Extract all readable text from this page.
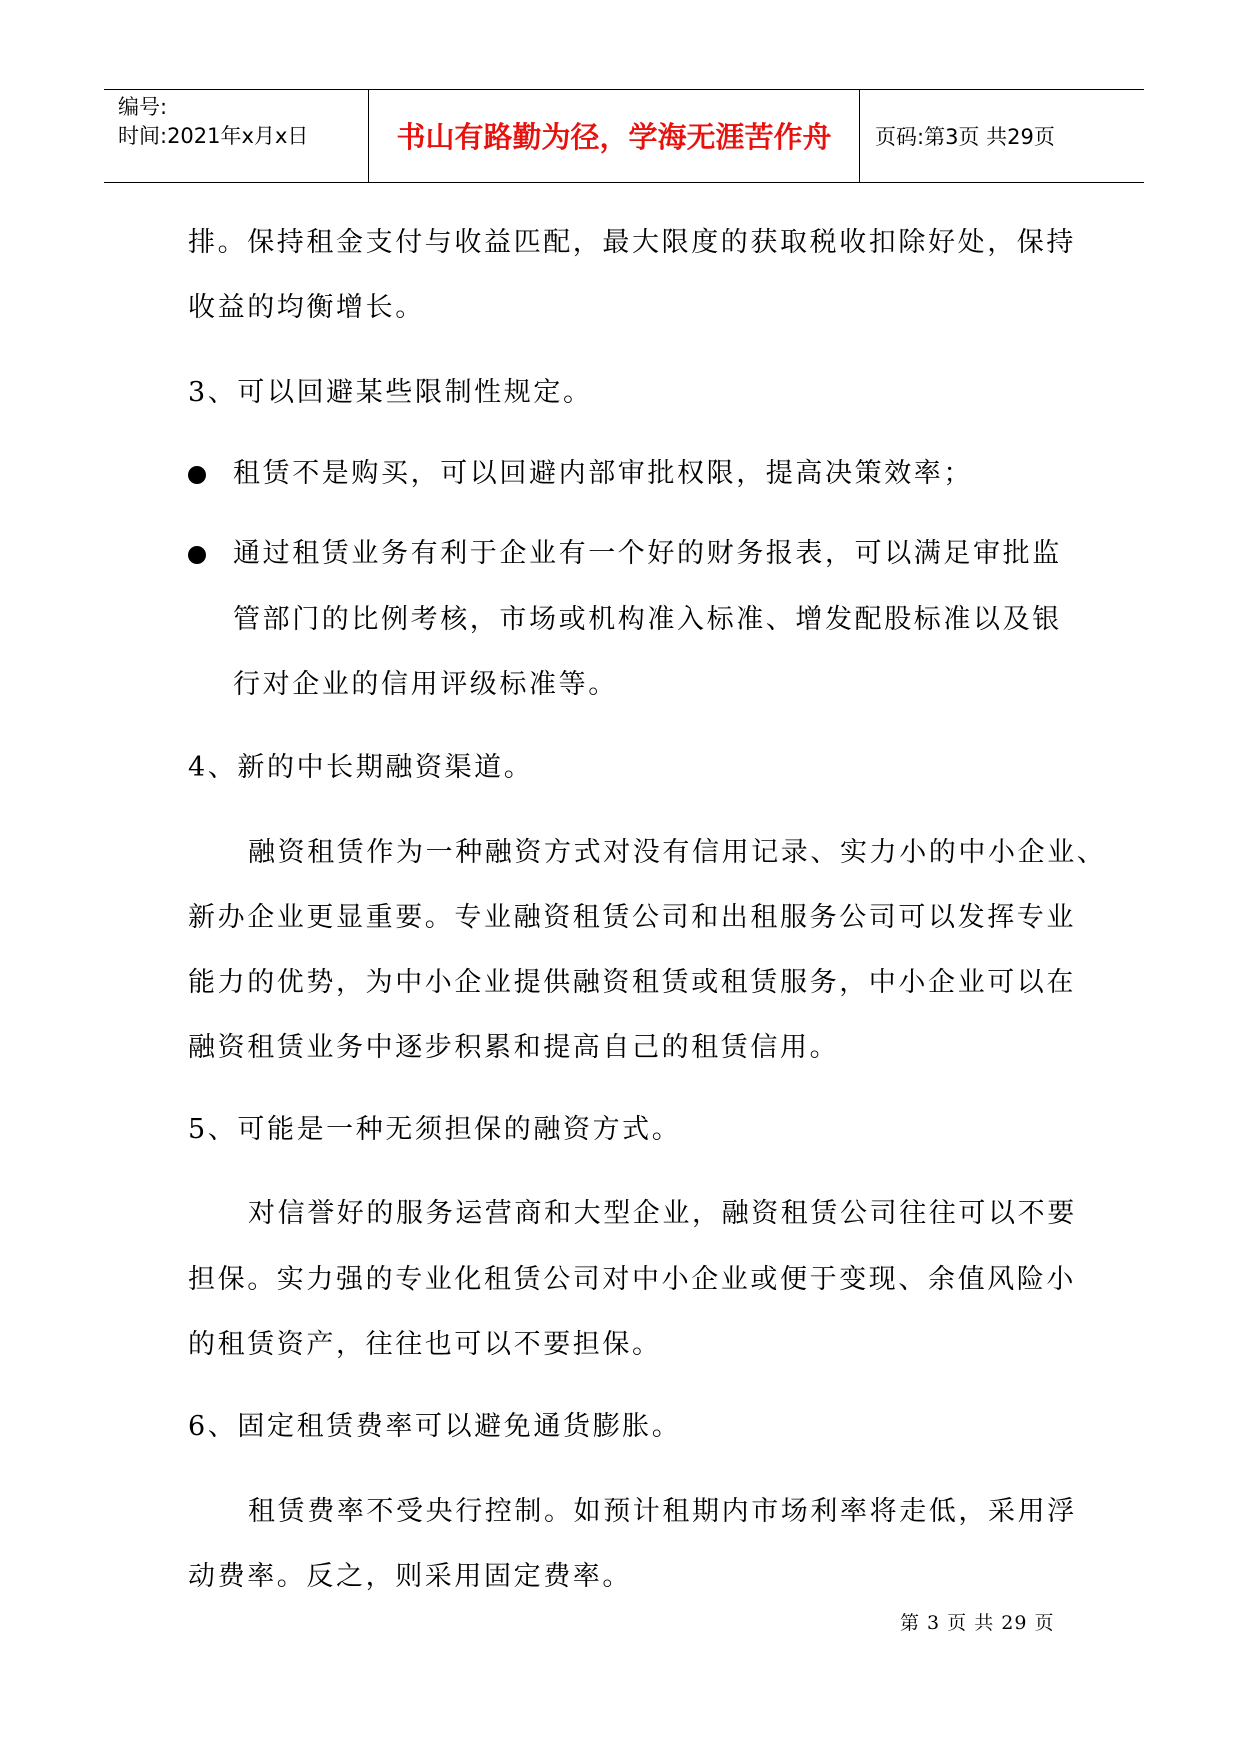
编号:
时间:2021年x月x日	书山有路勤为径，学海无涯苦作舟	页码:第3页 共29页
排。保持租金支付与收益匹配，最大限度的获取税收扣除好处，保持
收益的均衡增长。
3、可以回避某些限制性规定。
租赁不是购买，可以回避内部审批权限，提高决策效率；
通过租赁业务有利于企业有一个好的财务报表，可以满足审批监
管部门的比例考核，市场或机构准入标准、增发配股标准以及银
行对企业的信用评级标准等。
4、新的中长期融资渠道。
融资租赁作为一种融资方式对没有信用记录、实力小的中小企业、
新办企业更显重要。专业融资租赁公司和出租服务公司可以发挥专业
能力的优势，为中小企业提供融资租赁或租赁服务，中小企业可以在
融资租赁业务中逐步积累和提高自己的租赁信用。
5、可能是一种无须担保的融资方式。
对信誉好的服务运营商和大型企业，融资租赁公司往往可以不要
担保。实力强的专业化租赁公司对中小企业或便于变现、余值风险小
的租赁资产，往往也可以不要担保。
6、固定租赁费率可以避免通货膨胀。
租赁费率不受央行控制。如预计租期内市场利率将走低，采用浮
动费率。反之，则采用固定费率。
第 3 页 共 29 页
